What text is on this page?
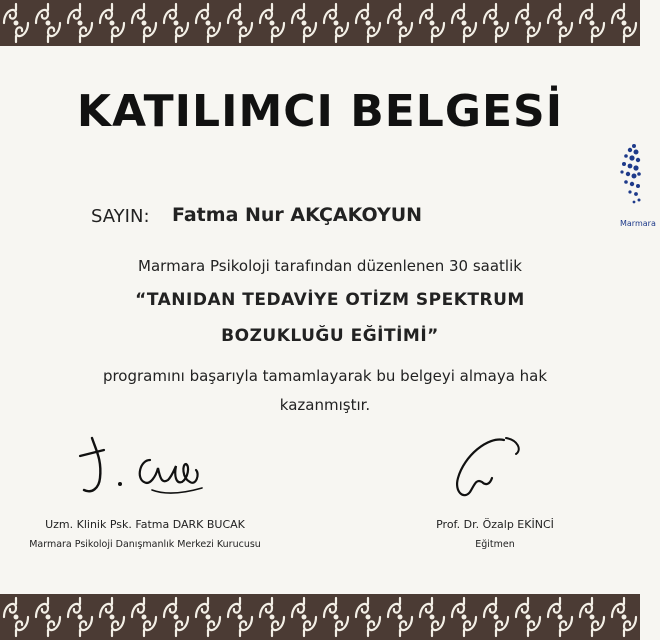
KATILIMCI BELGESİ
SAYIN: Fatma Nur AKÇAKOYUN
Marmara Psikoloji tarafından düzenlenen 30 saatlik
“TANIDAN TEDAVİYE OTİZM SPEKTRUM
BOZUKLUĞU EĞİTİMİ”
programını başarıyla tamamlayarak bu belgeyi almaya hak
kazanmıştır.
Marmara
Uzm. Klinik Psk. Fatma DARK BUCAK
Marmara Psikoloji Danışmanlık Merkezi Kurucusu
Prof. Dr. Özalp EKİNCİ
Eğitmen
